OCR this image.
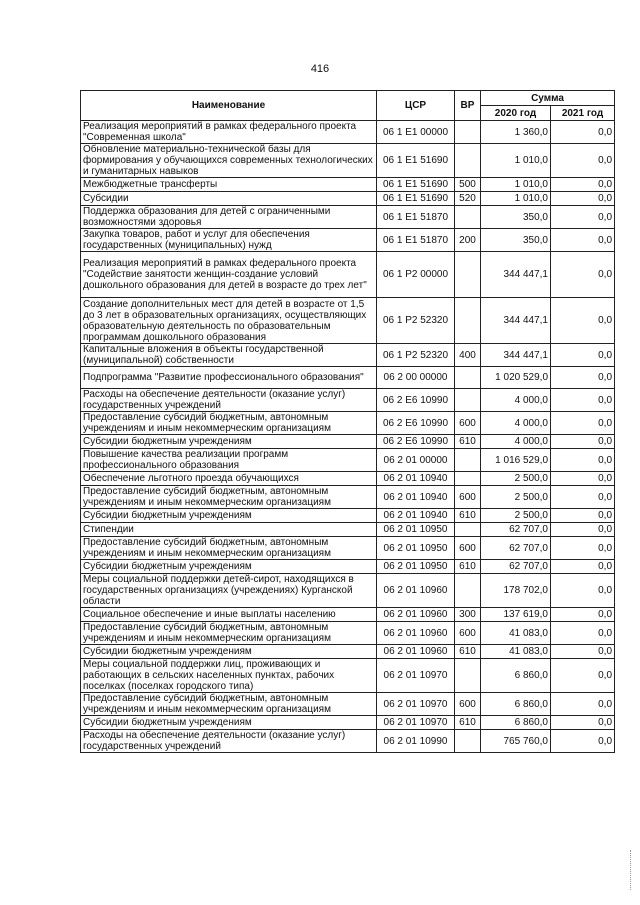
416
Наименование	ЦСР	ВР	Сумма	
			2020 год	2021 год
Реализация мероприятий в рамках федерального проекта "Современная школа"	06 1 Е1 00000		1 360,0	0,0
Обновление материально-технической базы для формирования у обучающихся современных технологических и гуманитарных навыков	06 1 Е1 51690		1 010,0	0,0
Межбюджетные трансферты	06 1 Е1 51690	500	1 010,0	0,0
Субсидии	06 1 Е1 51690	520	1 010,0	0,0
Поддержка образования для детей с ограниченными возможностями здоровья	06 1 Е1 51870		350,0	0,0
Закупка товаров, работ и услуг для обеспечения государственных (муниципальных) нужд	06 1 Е1 51870	200	350,0	0,0
Реализация мероприятий в рамках федерального проекта "Содействие занятости женщин-создание условий дошкольного образования для детей в возрасте до трех лет"	06 1 Р2 00000		344 447,1	0,0
Создание дополнительных мест для детей в возрасте от 1,5 до 3 лет в образовательных организациях, осуществляющих образовательную деятельность по образовательным программам дошкольного образования	06 1 Р2 52320		344 447,1	0,0
Капитальные вложения в объекты государственной (муниципальной) собственности	06 1 Р2 52320	400	344 447,1	0,0
Подпрограмма "Развитие профессионального образования"	06 2 00 00000		1 020 529,0	0,0
Расходы на обеспечение деятельности (оказание услуг) государственных учреждений	06 2 Е6 10990		4 000,0	0,0
Предоставление субсидий бюджетным, автономным учреждениям и иным некоммерческим организациям	06 2 Е6 10990	600	4 000,0	0,0
Субсидии бюджетным учреждениям	06 2 Е6 10990	610	4 000,0	0,0
Повышение качества реализации программ профессионального образования	06 2 01 00000		1 016 529,0	0,0
Обеспечение льготного проезда обучающихся	06 2 01 10940		2 500,0	0,0
Предоставление субсидий бюджетным, автономным учреждениям и иным некоммерческим организациям	06 2 01 10940	600	2 500,0	0,0
Субсидии бюджетным учреждениям	06 2 01 10940	610	2 500,0	0,0
Стипендии	06 2 01 10950		62 707,0	0,0
Предоставление субсидий бюджетным, автономным учреждениям и иным некоммерческим организациям	06 2 01 10950	600	62 707,0	0,0
Субсидии бюджетным учреждениям	06 2 01 10950	610	62 707,0	0,0
Меры социальной поддержки детей-сирот, находящихся в государственных организациях (учреждениях) Курганской области	06 2 01 10960		178 702,0	0,0
Социальное обеспечение и иные выплаты населению	06 2 01 10960	300	137 619,0	0,0
Предоставление субсидий бюджетным, автономным учреждениям и иным некоммерческим организациям	06 2 01 10960	600	41 083,0	0,0
Субсидии бюджетным учреждениям	06 2 01 10960	610	41 083,0	0,0
Меры социальной поддержки лиц, проживающих и работающих в сельских населенных пунктах, рабочих поселках (поселках городского типа)	06 2 01 10970		6 860,0	0,0
Предоставление субсидий бюджетным, автономным учреждениям и иным некоммерческим организациям	06 2 01 10970	600	6 860,0	0,0
Субсидии бюджетным учреждениям	06 2 01 10970	610	6 860,0	0,0
Расходы на обеспечение деятельности (оказание услуг) государственных учреждений	06 2 01 10990		765 760,0	0,0
